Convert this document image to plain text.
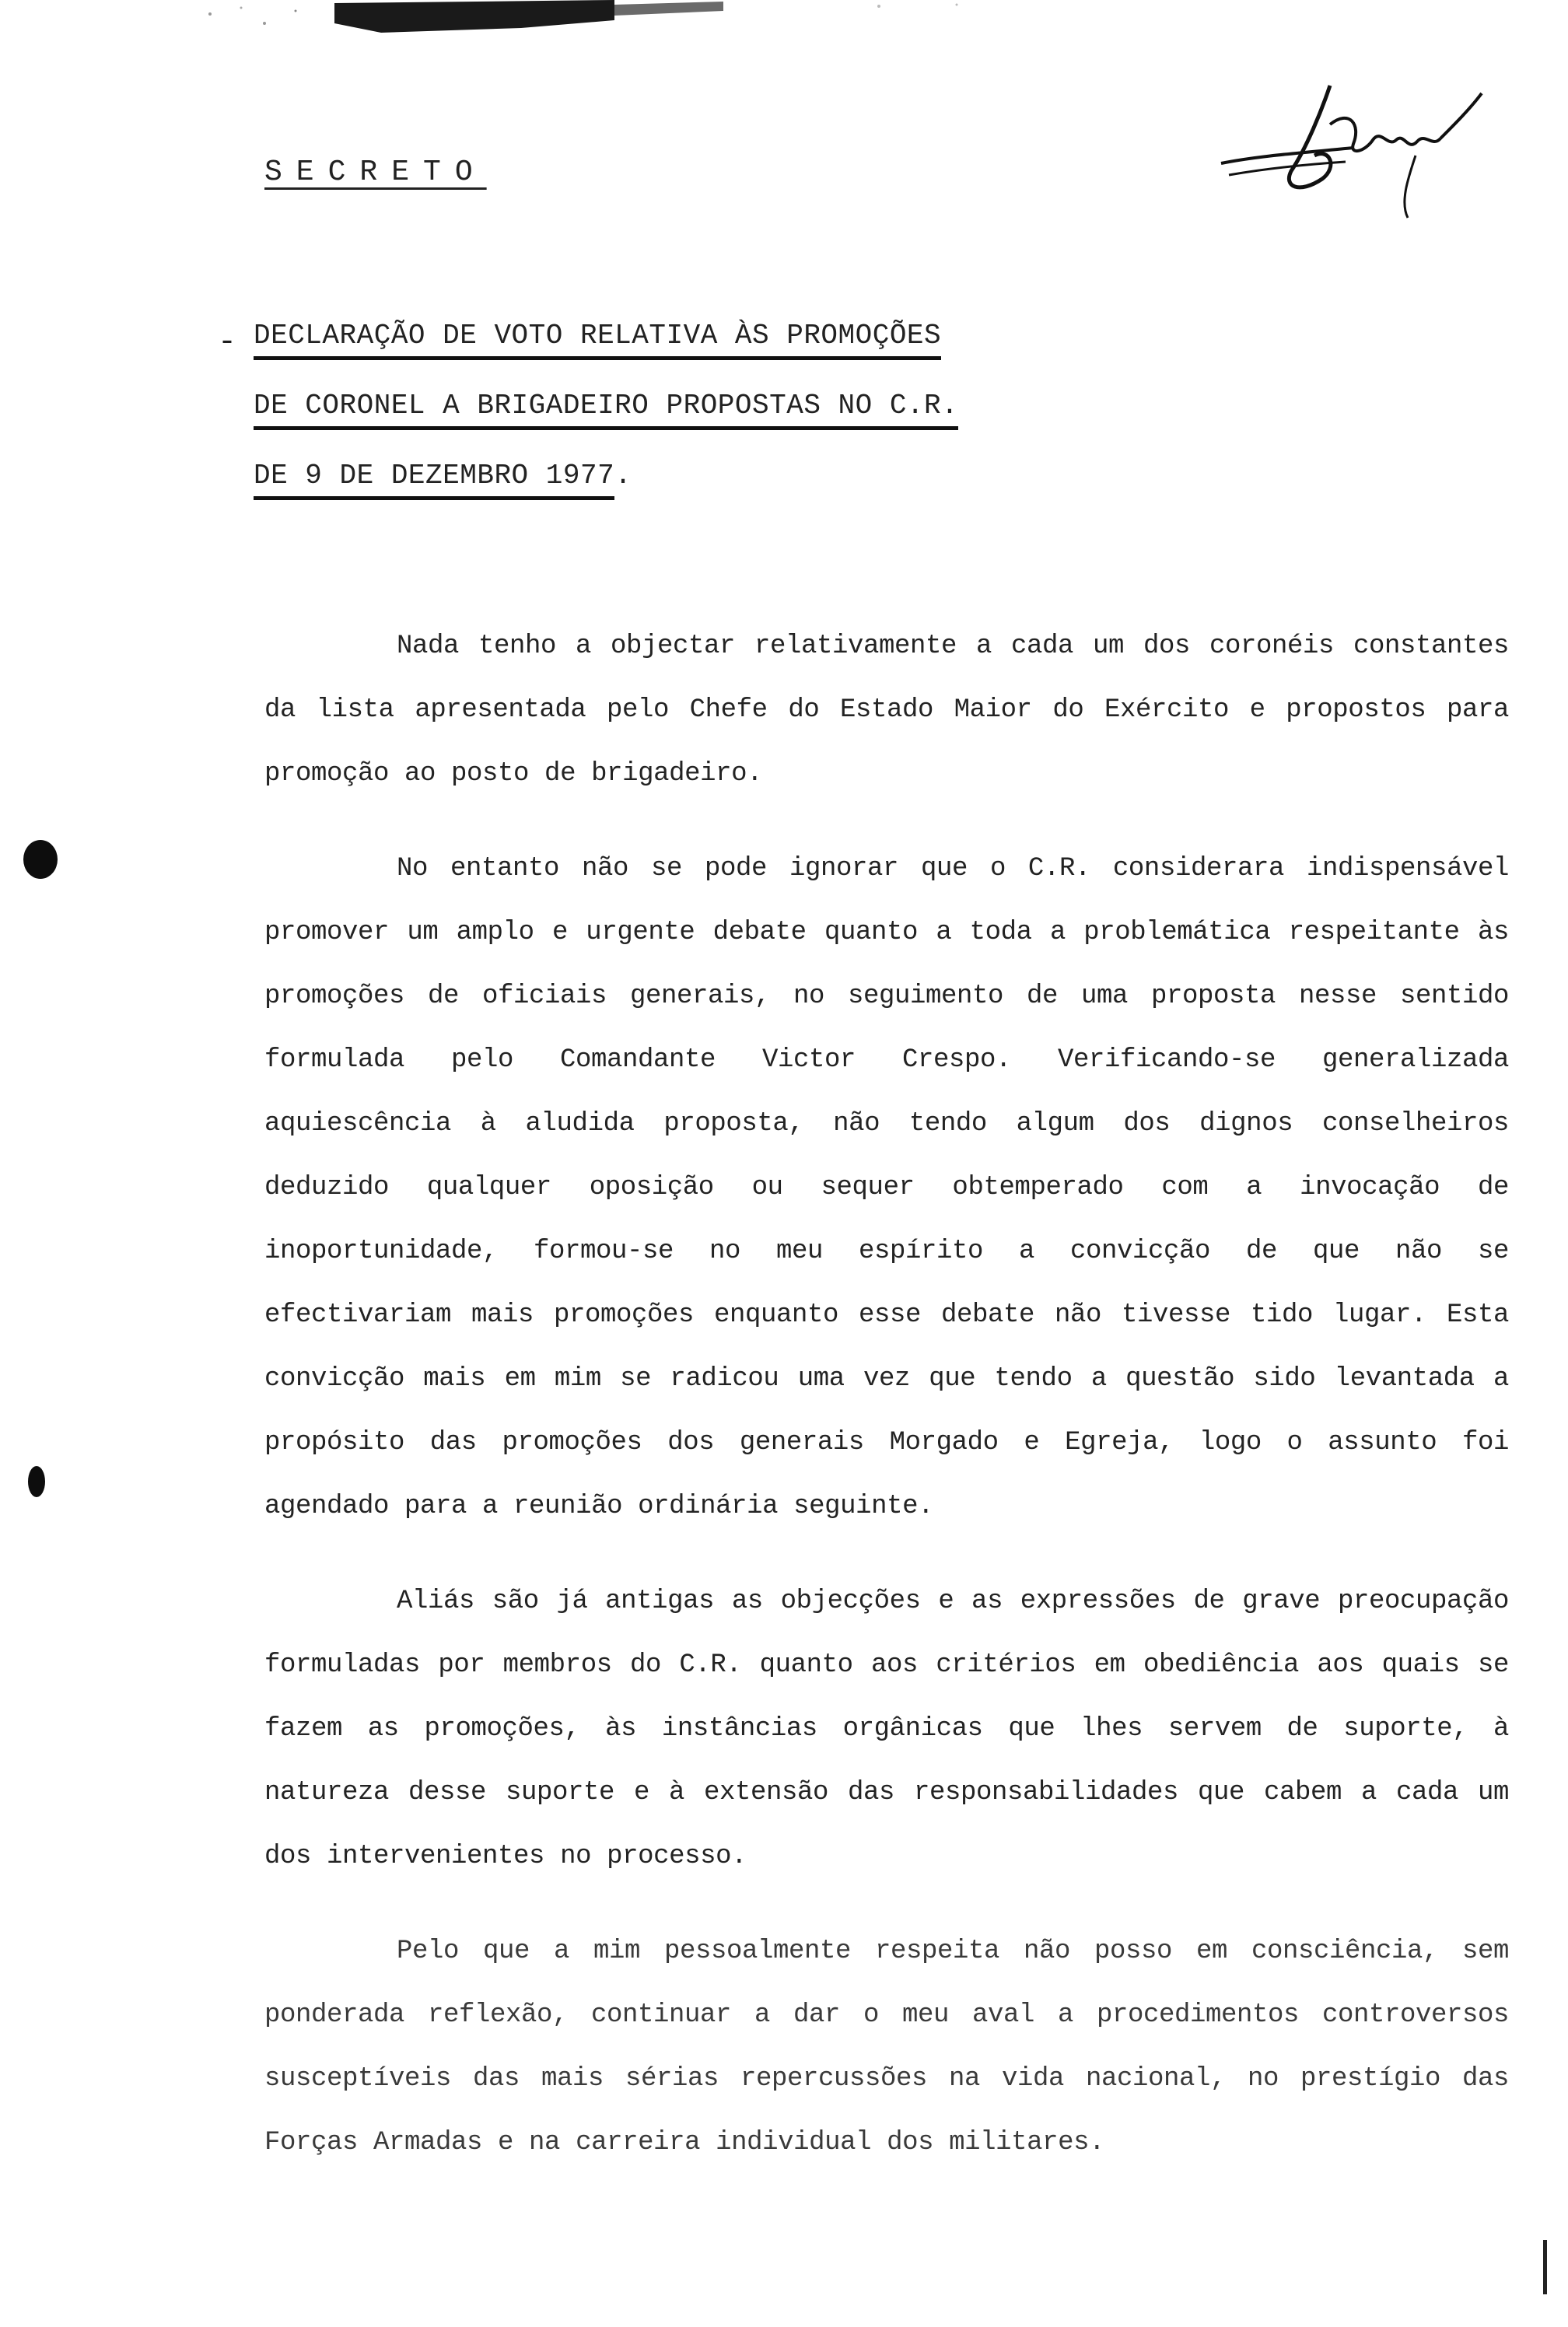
SECRETO
- DECLARAÇÃO DE VOTO RELATIVA ÀS PROMOÇÕES
DE CORONEL A BRIGADEIRO PROPOSTAS NO C.R.
DE 9 DE DEZEMBRO 1977.

Nada tenho a objectar relativamente a cada um dos coronéis constantes da lista apresentada pelo Chefe do Estado Maior do Exército e propostos para promoção ao posto de brigadeiro.

No entanto não se pode ignorar que o C.R. considerara indispensável promover um amplo e urgente debate quanto a toda a problemática respeitante às promoções de oficiais generais, no seguimento de uma proposta nesse sentido formulada pelo Comandante Victor Crespo. Verificando-se generalizada aquiescência à aludida proposta, não tendo algum dos dignos conselheiros deduzido qualquer oposição ou sequer obtemperado com a invocação de inoportunidade, formou-se no meu espírito a convicção de que não se efectivariam mais promoções enquanto esse debate não tivesse tido lugar. Esta convicção mais em mim se radicou uma vez que tendo a questão sido levantada a propósito das promoções dos generais Morgado e Egreja, logo o assunto foi agendado para a reunião ordinária seguinte.

Aliás são já antigas as objecções e as expressões de grave preocupação formuladas por membros do C.R. quanto aos critérios em obediência aos quais se fazem as promoções, às instâncias orgânicas que lhes servem de suporte, à natureza desse suporte e à extensão das responsabilidades que cabem a cada um dos intervenientes no processo.

Pelo que a mim pessoalmente respeita não posso em consciência, sem ponderada reflexão, continuar a dar o meu aval a procedimentos controversos susceptíveis das mais sérias repercussões na vida nacional, no prestígio das Forças Armadas e na carreira individual dos militares.
